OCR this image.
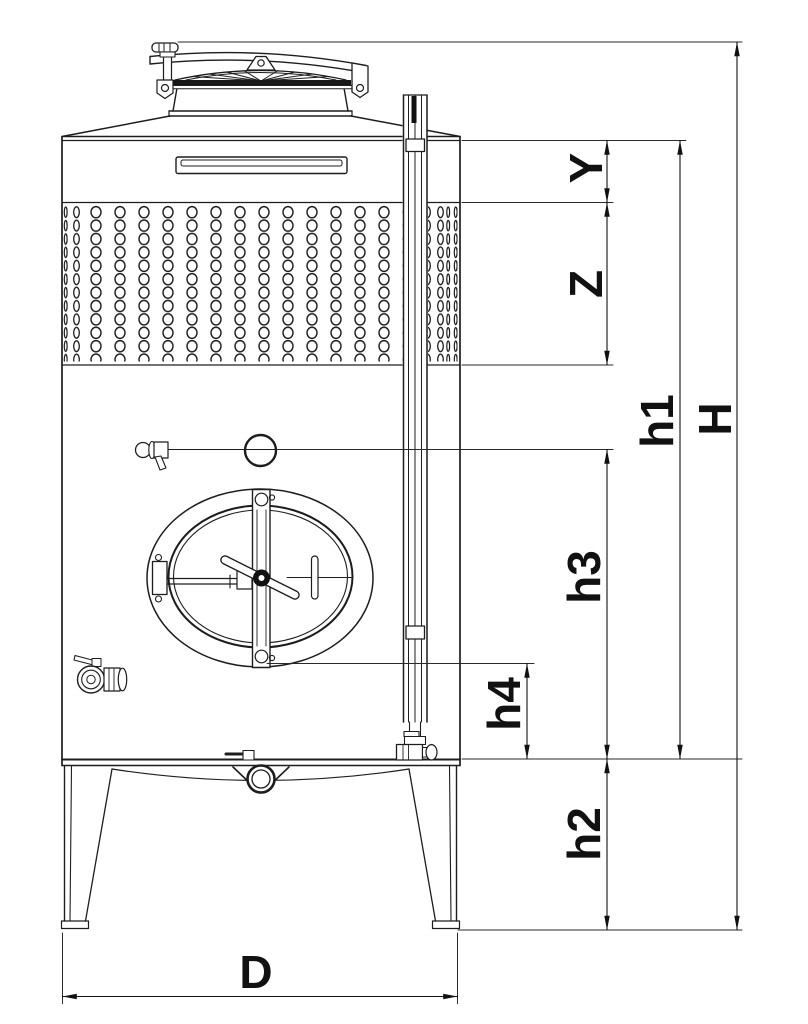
Y
Z
h3
h4
h2
h1 H
D
